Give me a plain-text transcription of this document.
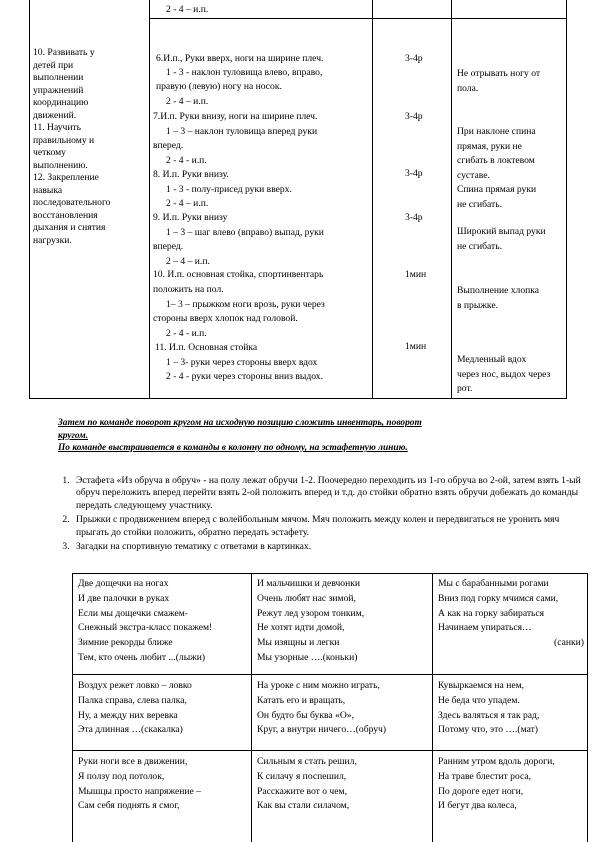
10. Развивать у
детей при
выполнении
упражнений
координацию
движений.
11. Научить
правильному и
четкому
выполнению.
12. Закрепление
навыка
последовательного
восстановления
дыхания и снятия
нагрузки.
2 - 4 – и.п.
6.И.п., Руки вверх, ноги на ширине плеч.
1 - 3 - наклон туловища влево, вправо,
правую (левую) ногу на носок.
2 - 4 – и.п.
3-4р
Не отрывать ногу от
пола.
7.И.п. Руки внизу, ноги на ширине плеч.
1 – 3 – наклон туловища вперед руки
вперед.
2 - 4 - и.п.
3-4р
При наклоне спина
прямая, руки не
сгибать в локтевом
суставе.
8. И.п. Руки внизу.
1 - 3 - полу-присед руки вверх.
2 - 4 – и.п.
3-4р
Спина прямая руки
не сгибать.
9. И.п. Руки внизу
1 – 3 – шаг влево (вправо) выпад, руки
вперед.
2 – 4 – и.п.
3-4р
Широкий выпад руки
не сгибать.
10. И.п. основная стойка, спортинвентарь
положить на пол.
1– 3 – прыжком ноги врозь, руки через
стороны вверх хлопок над головой.
2 - 4 - и.п.
1мин
Выполнение хлопка
в прыжке.
11. И.п. Основная стойка
1 – 3- руки через стороны вверх вдох
2 - 4 - руки через стороны вниз выдох.
1мин
Медленный вдох
через нос, выдох через
рот.
Затем по команде поворот кругом на исходную позицию сложить инвентарь, поворот
кругом.
По команде выстраивается в команды в колонну по одному, на эстафетную линию.
1. Эстафета «Из обруча в обруч» - на полу лежат обручи 1-2. Поочередно переходить из 1-го обруча во 2-ой, затем взять 1-ый обруч переложить вперед перейти взять 2-ой положить вперед и т.д. до стойки обратно взять обручи добежать до команды передать следующему участнику.
2. Прыжки с продвижением вперед с волейбольным мячом. Мяч положить между колен и передвигаться не уронить мяч прыгать до стойки положить, обратно передать эстафету.
3. Загадки на спортивную тематику с ответами в картинках.
Две дощечки на ногах
И две палочки в руках
Если мы дощечки смажем-
Снежный экстра-класс покажем!
Зимние рекорды ближе
Тем, кто очень любит ...(лыжи)
И мальчишки и девчонки
Очень любят нас зимой,
Режут лед узором тонким,
Не хотят идти домой,
Мы изящны и легки
Мы узорные ….(коньки)
Мы с барабанными рогами
Вниз под горку мчимся сами,
А как на горку забираться
Начинаем упираться…
(санки)
Воздух режет ловко – ловко
Палка справа, слева палка,
Ну, а между них веревка
Эта длинная …(скакалка)
На уроке с ним можно играть,
Катать его и вращать,
Он будто бы буква «О»,
Круг, а внутри ничего…(обруч)
Кувыркаемся на нем,
Не беда что упадем.
Здесь валяться я так рад,
Потому что, это ….(мат)
Руки ноги все в движении,
Я ползу под потолок,
Мышцы просто напряжение –
Сам себя поднять я смог,
Сильным я стать решил,
К силачу я поспешил,
Расскажите вот о чем,
Как вы стали силачом,
Ранним утром вдоль дороги,
На траве блестит роса,
По дороге едет ноги,
И бегут два колеса,
